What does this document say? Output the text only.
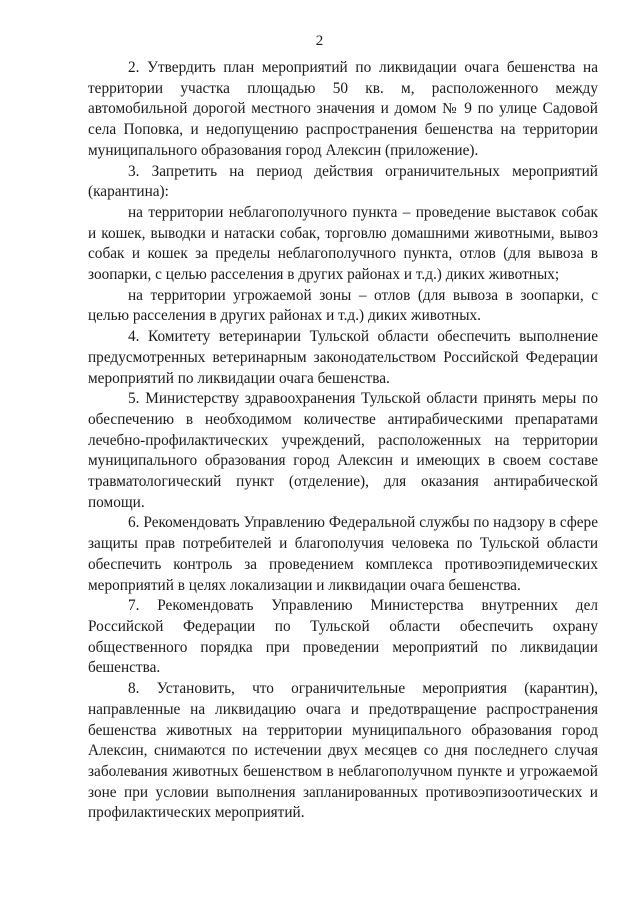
2

2. Утвердить план мероприятий по ликвидации очага бешенства на территории участка площадью 50 кв. м, расположенного между автомобильной дорогой местного значения и домом № 9 по улице Садовой села Поповка, и недопущению распространения бешенства на территории муниципального образования город Алексин (приложение).

3. Запретить на период действия ограничительных мероприятий (карантина):

на территории неблагополучного пункта – проведение выставок собак и кошек, выводки и натаски собак, торговлю домашними животными, вывоз собак и кошек за пределы неблагополучного пункта, отлов (для вывоза в зоопарки, с целью расселения в других районах и т.д.) диких животных;

на территории угрожаемой зоны – отлов (для вывоза в зоопарки, с целью расселения в других районах и т.д.) диких животных.

4. Комитету ветеринарии Тульской области обеспечить выполнение предусмотренных ветеринарным законодательством Российской Федерации мероприятий по ликвидации очага бешенства.

5. Министерству здравоохранения Тульской области принять меры по обеспечению в необходимом количестве антирабическими препаратами лечебно-профилактических учреждений, расположенных на территории муниципального образования город Алексин и имеющих в своем составе травматологический пункт (отделение), для оказания антирабической помощи.

6. Рекомендовать Управлению Федеральной службы по надзору в сфере защиты прав потребителей и благополучия человека по Тульской области обеспечить контроль за проведением комплекса противоэпидемических мероприятий в целях локализации и ликвидации очага бешенства.

7. Рекомендовать Управлению Министерства внутренних дел Российской Федерации по Тульской области обеспечить охрану общественного порядка при проведении мероприятий по ликвидации бешенства.

8. Установить, что ограничительные мероприятия (карантин), направленные на ликвидацию очага и предотвращение распространения бешенства животных на территории муниципального образования город Алексин, снимаются по истечении двух месяцев со дня последнего случая заболевания животных бешенством в неблагополучном пункте и угрожаемой зоне при условии выполнения запланированных противоэпизоотических и профилактических мероприятий.
